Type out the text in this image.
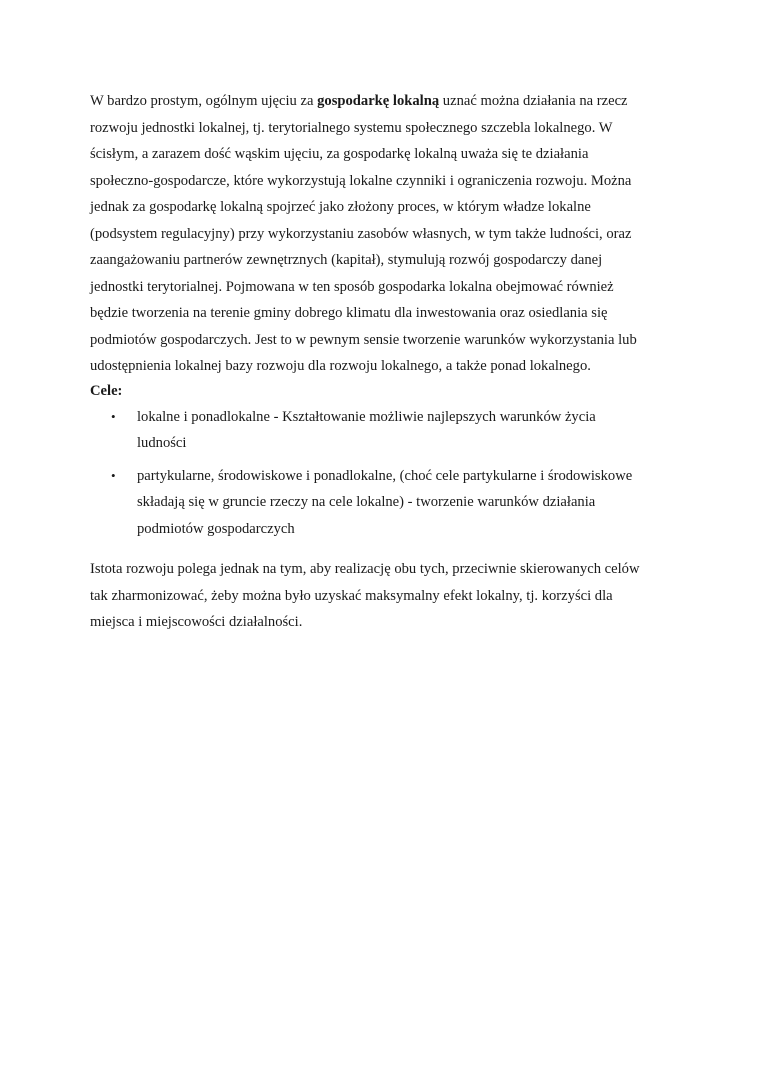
W bardzo prostym, ogólnym ujęciu za gospodarkę lokalną uznać można działania na rzecz
rozwoju jednostki lokalnej, tj. terytorialnego systemu społecznego szczebla lokalnego. W
ścisłym, a zarazem dość wąskim ujęciu, za gospodarkę lokalną uważa się te działania
społeczno-gospodarcze, które wykorzystują lokalne czynniki i ograniczenia rozwoju. Można
jednak za gospodarkę lokalną spojrzeć jako złożony proces, w którym władze lokalne
(podsystem regulacyjny) przy wykorzystaniu zasobów własnych, w tym także ludności, oraz
zaangażowaniu partnerów zewnętrznych (kapitał), stymulują rozwój gospodarczy danej
jednostki terytorialnej. Pojmowana w ten sposób gospodarka lokalna obejmować również
będzie tworzenia na terenie gminy dobrego klimatu dla inwestowania oraz osiedlania się
podmiotów gospodarczych. Jest to w pewnym sensie tworzenie warunków wykorzystania lub
udostępnienia lokalnej bazy rozwoju dla rozwoju lokalnego, a także ponad lokalnego.

Cele:

• lokalne i ponadlokalne - Kształtowanie możliwie najlepszych warunków życia
ludności
• partykularne, środowiskowe i ponadlokalne, (choć cele partykularne i środowiskowe
składają się w gruncie rzeczy na cele lokalne) - tworzenie warunków działania
podmiotów gospodarczych

Istota rozwoju polega jednak na tym, aby realizację obu tych, przeciwnie skierowanych celów
tak zharmonizować, żeby można było uzyskać maksymalny efekt lokalny, tj. korzyści dla
miejsca i miejscowości działalności.
